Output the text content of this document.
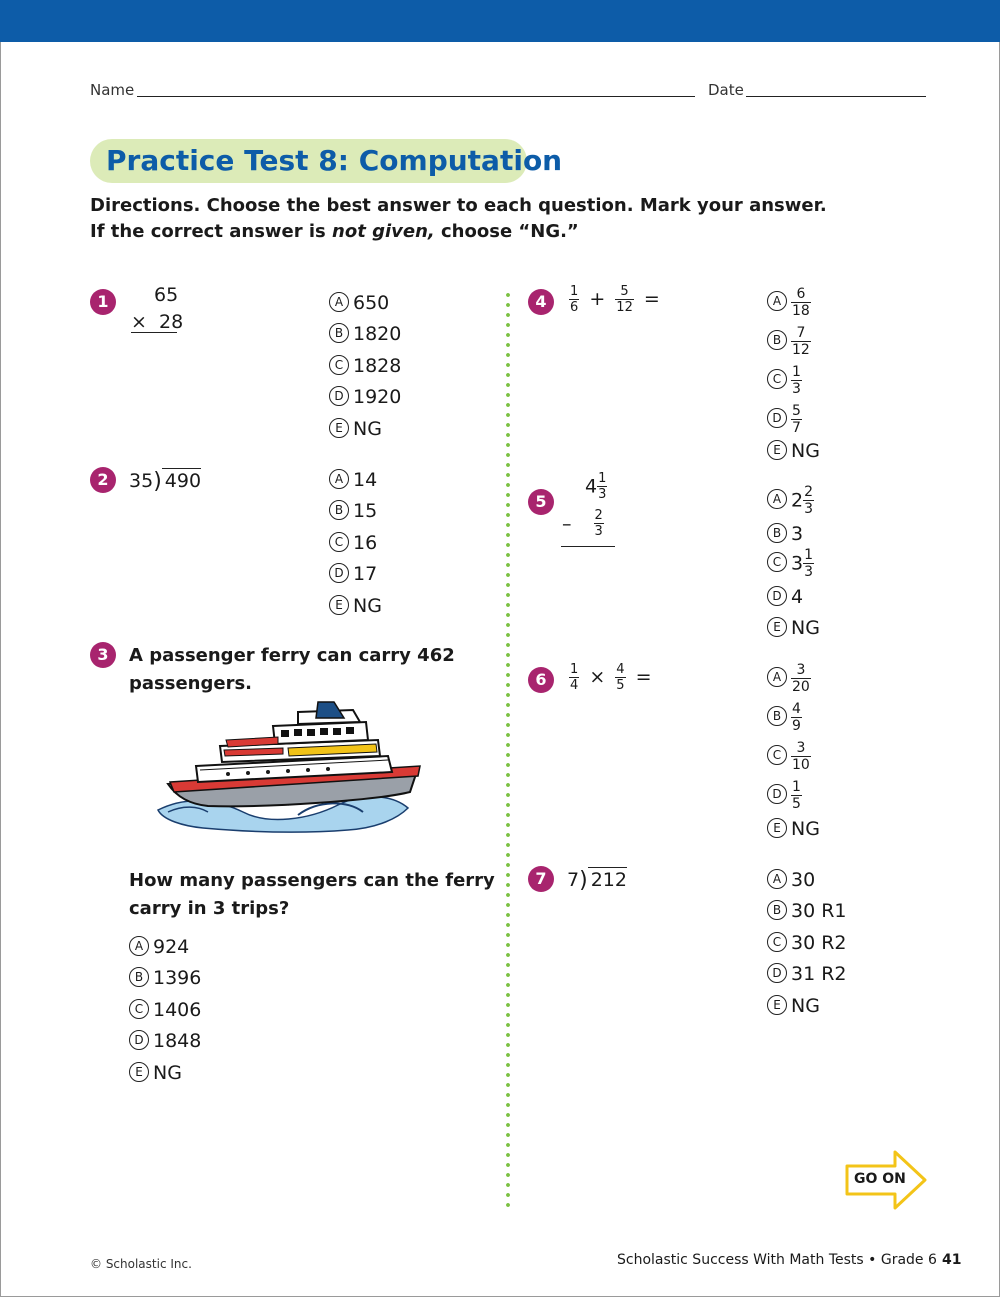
Name	Date
Practice Test 8: Computation
Directions. Choose the best answer to each question. Mark your answer.
If the correct answer is not given, choose “NG.”
1	65
×  28
A 650
B 1820
C 1828
D 1920
E NG
2	35) 490	A 14
B 15
C 16
D 17
E NG
3	A passenger ferry can carry 462
passengers.
How many passengers can the ferry
carry in 3 trips?
A 924
B 1396
C 1406
D 1848
E NG
4	$\frac{1}{6} + \frac{5}{12}$ =	A $\frac{6}{18}$
B $\frac{7}{12}$
C $\frac{1}{3}$
D $\frac{5}{7}$
E NG
5
$4 \frac{1}{3}$
– $\frac{2}{3}$
A $2 \frac{2}{3}$
B 3
C $3 \frac{1}{3}$
D 4
E NG
6	$\frac{1}{4} \times \frac{4}{5}$ =	A $\frac{3}{20}$
B $\frac{4}{9}$
C $\frac{3}{10}$
D $\frac{1}{5}$
E NG
7	7) 212	A 30
B 30 R1
C 30 R2
D 31 R2
E NG
GO ON
© Scholastic Inc.	Scholastic Success With Math Tests • Grade 6 41
